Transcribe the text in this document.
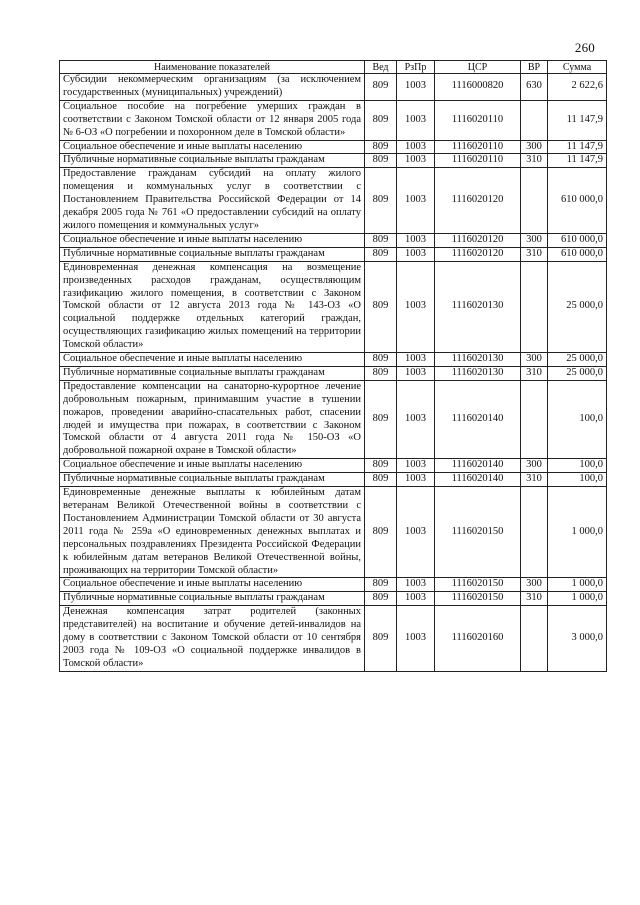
260
Наименование показателей	Вед	РзПр	ЦСР	ВР	Сумма
Субсидии некоммерческим организациям (за исключением государственных (муниципальных) учреждений)	809	1003	1116000820	630	2 622,6
Социальное пособие на погребение умерших граждан в соответствии с Законом Томской области от 12 января 2005 года № 6-ОЗ «О погребении и похоронном деле в Томской области»	809	1003	1116020110		11 147,9
Социальное обеспечение и иные выплаты населению	809	1003	1116020110	300	11 147,9
Публичные нормативные социальные выплаты гражданам	809	1003	1116020110	310	11 147,9
Предоставление гражданам субсидий на оплату жилого помещения и коммунальных услуг в соответствии с Постановлением Правительства Российской Федерации от 14 декабря 2005 года № 761 «О предоставлении субсидий на оплату жилого помещения и коммунальных услуг»	809	1003	1116020120		610 000,0
Социальное обеспечение и иные выплаты населению	809	1003	1116020120	300	610 000,0
Публичные нормативные социальные выплаты гражданам	809	1003	1116020120	310	610 000,0
Единовременная денежная компенсация на возмещение произведенных расходов гражданам, осуществляющим газификацию жилого помещения, в соответствии с Законом Томской области от 12 августа 2013 года № 143-ОЗ «О социальной поддержке отдельных категорий граждан, осуществляющих газификацию жилых помещений на территории Томской области»	809	1003	1116020130		25 000,0
Социальное обеспечение и иные выплаты населению	809	1003	1116020130	300	25 000,0
Публичные нормативные социальные выплаты гражданам	809	1003	1116020130	310	25 000,0
Предоставление компенсации на санаторно-курортное лечение добровольным пожарным, принимавшим участие в тушении пожаров, проведении аварийно-спасательных работ, спасении людей и имущества при пожарах, в соответствии с Законом Томской области от 4 августа 2011 года № 150-ОЗ «О добровольной пожарной охране в Томской области»	809	1003	1116020140		100,0
Социальное обеспечение и иные выплаты населению	809	1003	1116020140	300	100,0
Публичные нормативные социальные выплаты гражданам	809	1003	1116020140	310	100,0
Единовременные денежные выплаты к юбилейным датам ветеранам Великой Отечественной войны в соответствии с Постановлением Администрации Томской области от 30 августа 2011 года № 259а «О единовременных денежных выплатах и персональных поздравлениях Президента Российской Федерации к юбилейным датам ветеранов Великой Отечественной войны, проживающих на территории Томской области»	809	1003	1116020150		1 000,0
Социальное обеспечение и иные выплаты населению	809	1003	1116020150	300	1 000,0
Публичные нормативные социальные выплаты гражданам	809	1003	1116020150	310	1 000,0
Денежная компенсация затрат родителей (законных представителей) на воспитание и обучение детей-инвалидов на дому в соответствии с Законом Томской области от 10 сентября 2003 года № 109-ОЗ «О социальной поддержке инвалидов в Томской области»	809	1003	1116020160		3 000,0
